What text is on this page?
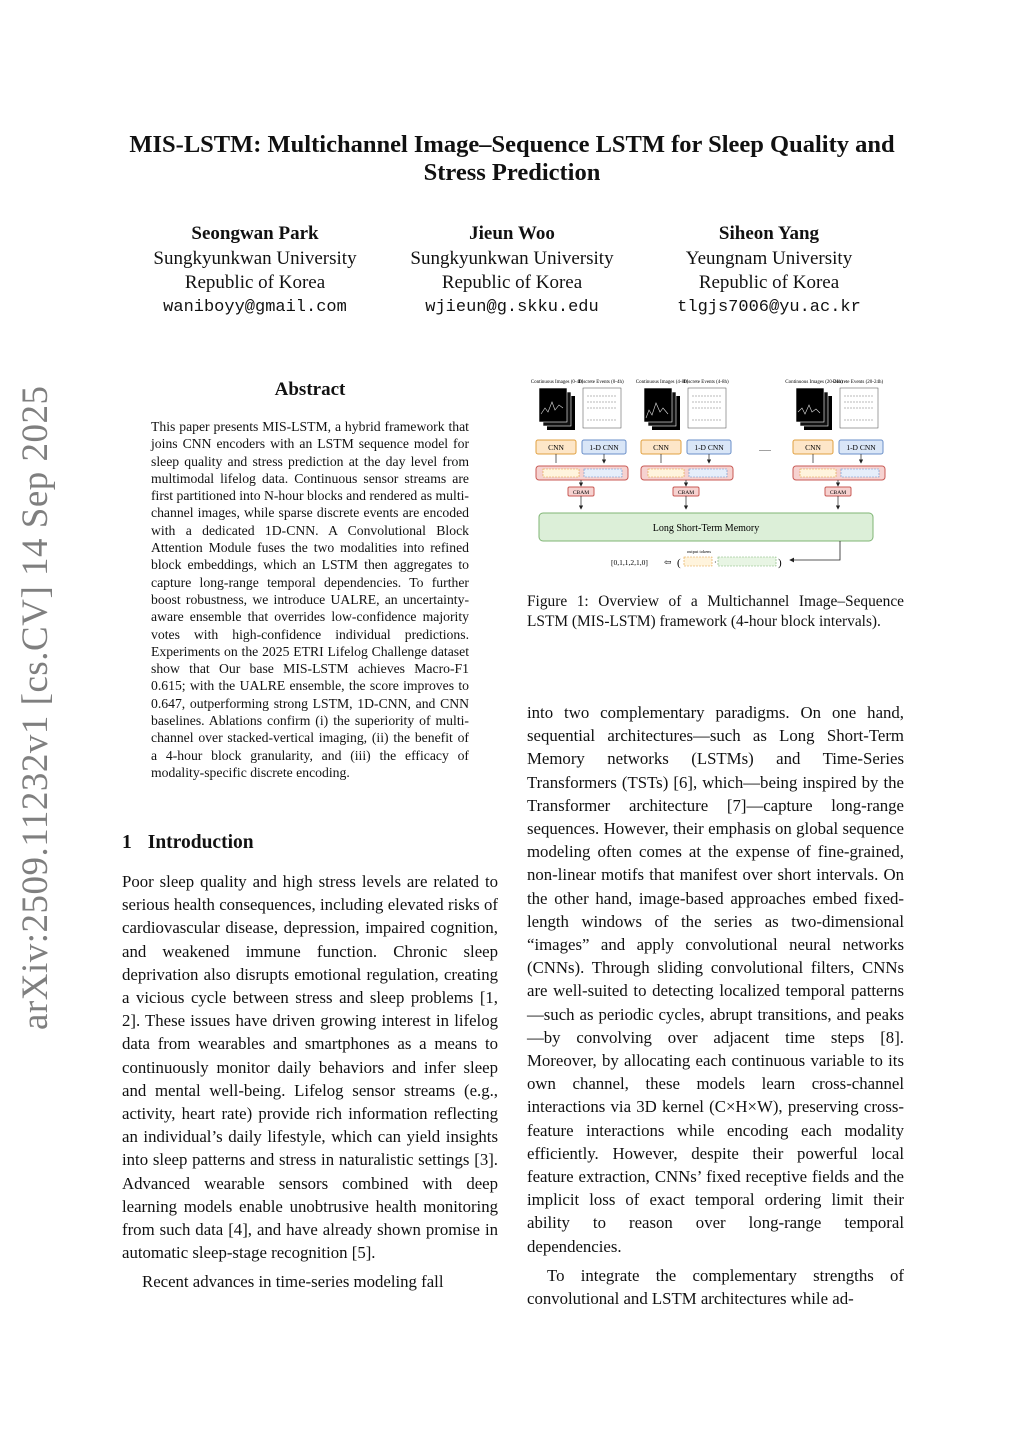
arXiv:2509.11232v1 [cs.CV] 14 Sep 2025
MIS-LSTM: Multichannel Image–Sequence LSTM for Sleep Quality and Stress Prediction
Seongwan Park
Sungkyunkwan University
Republic of Korea
waniboyy@gmail.com
Jieun Woo
Sungkyunkwan University
Republic of Korea
wjieun@g.skku.edu
Siheon Yang
Yeungnam University
Republic of Korea
tlgjs7006@yu.ac.kr
Abstract
This paper presents MIS-LSTM, a hybrid framework that joins CNN encoders with an LSTM sequence model for sleep quality and stress prediction at the day level from multimodal lifelog data. Continuous sensor streams are first partitioned into N-hour blocks and rendered as multi-channel images, while sparse discrete events are encoded with a dedicated 1D-CNN. A Convolutional Block Attention Module fuses the two modalities into refined block embeddings, which an LSTM then aggregates to capture long-range temporal dependencies. To further boost robustness, we introduce UALRE, an uncertainty-aware ensemble that overrides low-confidence majority votes with high-confidence individual predictions. Experiments on the 2025 ETRI Lifelog Challenge dataset show that Our base MIS-LSTM achieves Macro-F1 0.615; with the UALRE ensemble, the score improves to 0.647, outperforming strong LSTM, 1D-CNN, and CNN baselines. Ablations confirm (i) the superiority of multi-channel over stacked-vertical imaging, (ii) the benefit of a 4-hour block granularity, and (iii) the efficacy of modality-specific discrete encoding.
1 Introduction

Poor sleep quality and high stress levels are related to serious health consequences, including elevated risks of cardiovascular disease, depression, impaired cognition, and weakened immune function. Chronic sleep deprivation also disrupts emotional regulation, creating a vicious cycle between stress and sleep problems [1, 2]. These issues have driven growing interest in lifelog data from wearables and smartphones as a means to continuously monitor daily behaviors and infer sleep and mental well-being. Lifelog sensor streams (e.g., activity, heart rate) provide rich information reflecting an individual’s daily lifestyle, which can yield insights into sleep patterns and stress in naturalistic settings [3]. Advanced wearable sensors combined with deep learning models enable unobtrusive health monitoring from such data [4], and have already shown promise in automatic sleep-stage recognition [5].

Recent advances in time-series modeling fall

into two complementary paradigms. On one hand, sequential architectures—such as Long Short-Term Memory networks (LSTMs) and Time-Series Transformers (TSTs) [6], which—being inspired by the Transformer architecture [7]—capture long-range sequences. However, their emphasis on global sequence modeling often comes at the expense of fine-grained, non-linear motifs that manifest over short intervals. On the other hand, image-based approaches embed fixed-length windows of the series as two-dimensional “images” and apply convolutional neural networks (CNNs). Through sliding convolutional filters, CNNs are well-suited to detecting localized temporal patterns—such as periodic cycles, abrupt transitions, and peaks—by convolving over adjacent time steps [8]. Moreover, by allocating each continuous variable to its own channel, these models learn cross-channel interactions via 3D kernel (C×H×W), preserving cross-feature interactions while encoding each modality efficiently. However, despite their powerful local feature extraction, CNNs’ fixed receptive fields and the implicit loss of exact temporal ordering limit their ability to reason over long-range temporal dependencies.

To integrate the complementary strengths of convolutional and LSTM architectures while ad-

Continuous Images (0-4h)
Discrete Events (0-4h)
CNN	1-D CNN
CBAM
Continuous Images (4-8h)
Discrete Events (4-8h)
CNN	1-D CNN
CBAM
......
Continuous Images (20-24h)
Discrete Events (20-24h)
CNN	1-D CNN
CBAM
Long Short-Term Memory
[0,1,1,2,1,0] ⇦ (	·	)
output tokens
Figure 1: Overview of a Multichannel Image–Sequence LSTM (MIS-LSTM) framework (4-hour block intervals).
